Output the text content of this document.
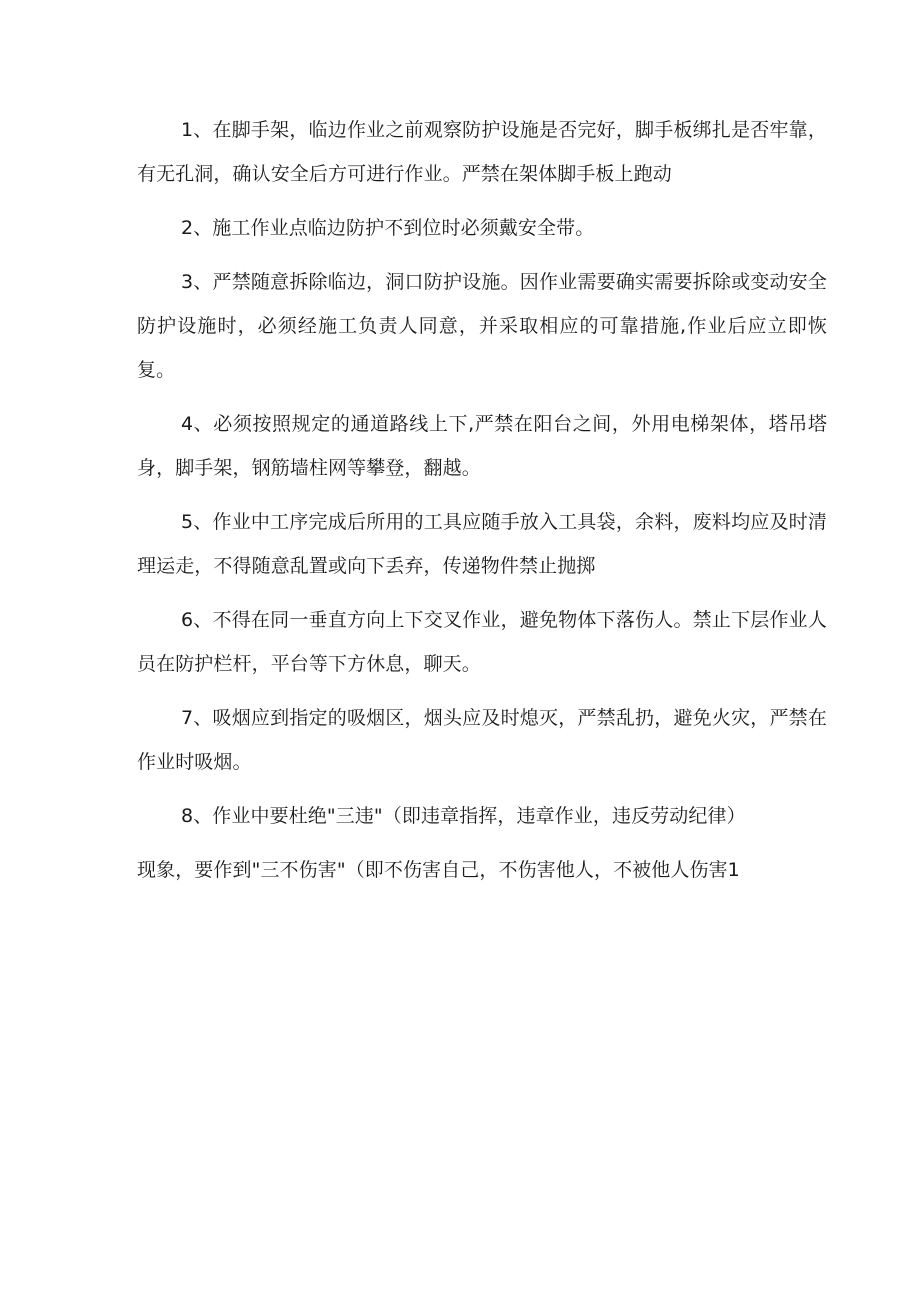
1、在脚手架，临边作业之前观察防护设施是否完好，脚手板绑扎是否牢靠，有无孔洞，确认安全后方可进行作业。严禁在架体脚手板上跑动

2、施工作业点临边防护不到位时必须戴安全带。

3、严禁随意拆除临边，洞口防护设施。因作业需要确实需要拆除或变动安全防护设施时，必须经施工负责人同意，并采取相应的可靠措施,作业后应立即恢复。

4、必须按照规定的通道路线上下,严禁在阳台之间，外用电梯架体，塔吊塔身，脚手架，钢筋墙柱网等攀登，翻越。

5、作业中工序完成后所用的工具应随手放入工具袋，余料，废料均应及时清理运走，不得随意乱置或向下丢弃，传递物件禁止抛掷

6、不得在同一垂直方向上下交叉作业，避免物体下落伤人。禁止下层作业人员在防护栏杆，平台等下方休息，聊天。

7、吸烟应到指定的吸烟区，烟头应及时熄灭，严禁乱扔，避免火灾，严禁在作业时吸烟。

8、作业中要杜绝"三违"（即违章指挥，违章作业，违反劳动纪律）

现象，要作到"三不伤害"（即不伤害自己，不伤害他人，不被他人伤害1
